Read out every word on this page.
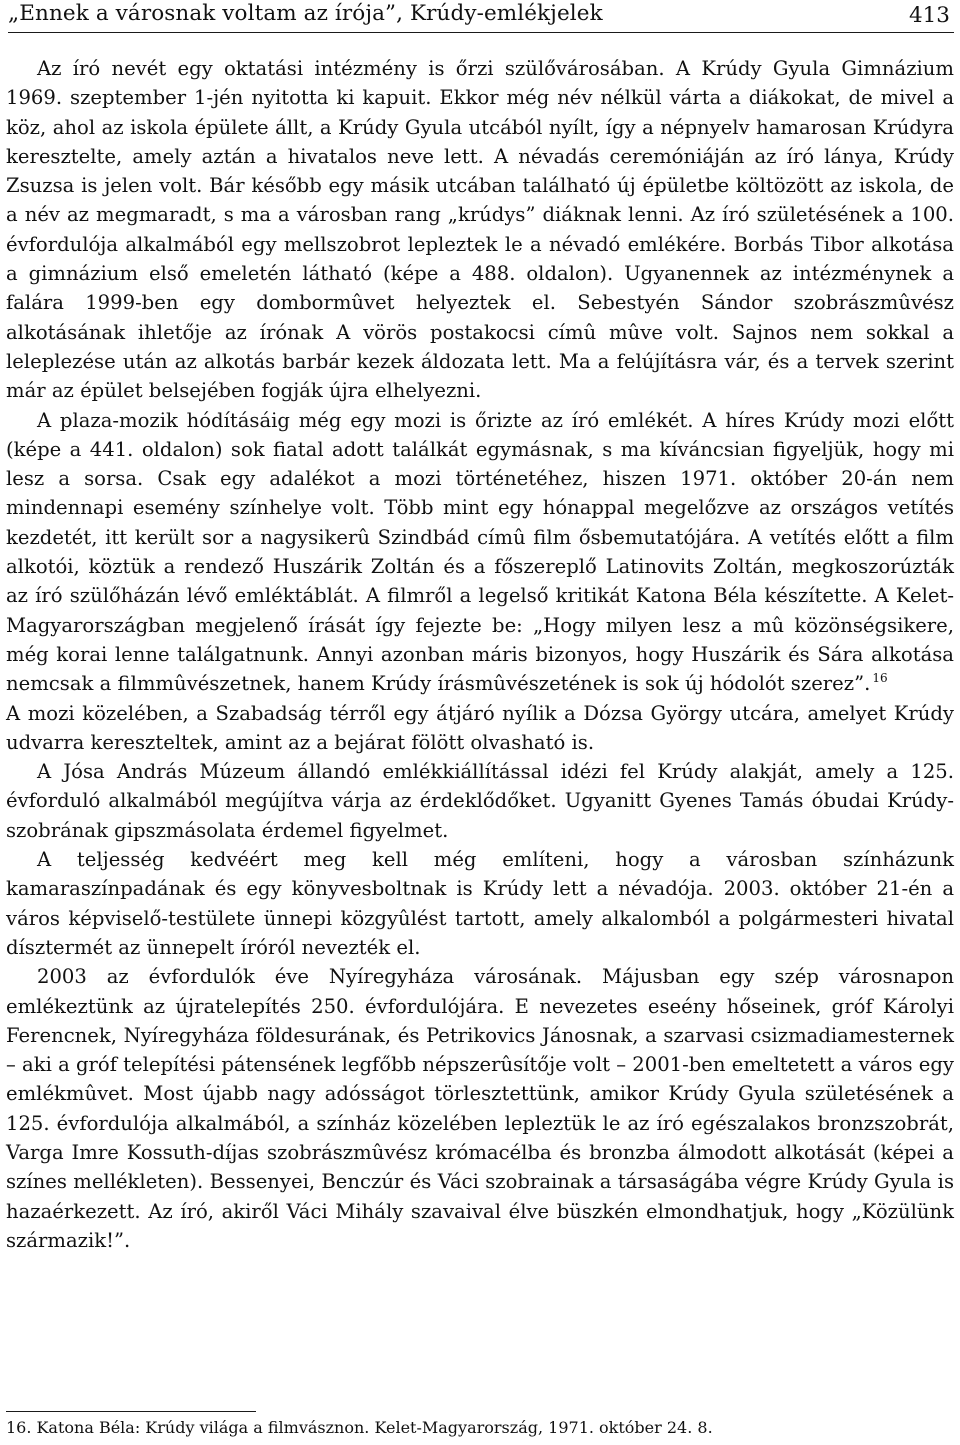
„Ennek a városnak voltam az írója”, Krúdy-emlékjelek	413

Az író nevét egy oktatási intézmény is őrzi szülővárosában. A Krúdy Gyula Gimnázium 1969. szeptember 1-jén nyitotta ki kapuit. Ekkor még név nélkül várta a diákokat, de mivel a köz, ahol az iskola épülete állt, a Krúdy Gyula utcából nyílt, így a népnyelv hamarosan Krúdyra keresztelte, amely aztán a hivatalos neve lett. A névadás ceremóniáján az író lánya, Krúdy Zsuzsa is jelen volt. Bár később egy másik utcában található új épületbe költözött az iskola, de a név az megmaradt, s ma a városban rang „krúdys” diáknak lenni. Az író születésének a 100. évfordulója alkalmából egy mellszobrot lepleztek le a névadó emlékére. Borbás Tibor alkotása a gimnázium első emeletén látható (képe a 488. oldalon). Ugyanennek az intézménynek a falára 1999-ben egy dombormûvet helyeztek el. Sebestyén Sándor szobrászmûvész alkotásának ihletője az írónak A vörös postakocsi címû mûve volt. Sajnos nem sokkal a leleplezése után az alkotás barbár kezek áldozata lett. Ma a felújításra vár, és a tervek szerint már az épület belsejében fogják újra elhelyezni.

A plaza-mozik hódításáig még egy mozi is őrizte az író emlékét. A híres Krúdy mozi előtt (képe a 441. oldalon) sok fiatal adott találkát egymásnak, s ma kíváncsian figyeljük, hogy mi lesz a sorsa. Csak egy adalékot a mozi történetéhez, hiszen 1971. október 20-án nem mindennapi esemény színhelye volt. Több mint egy hónappal megelőzve az országos vetítés kezdetét, itt került sor a nagysikerû Szindbád címû film ősbemutatójára. A vetítés előtt a film alkotói, köztük a rendező Huszárik Zoltán és a főszereplő Latinovits Zoltán, megkoszorúzták az író szülőházán lévő emléktáblát. A filmről a legelső kritikát Katona Béla készítette. A Kelet-Magyarországban megjelenő írását így fejezte be: „Hogy milyen lesz a mû közönségsikere, még korai lenne találgatnunk. Annyi azonban máris bizonyos, hogy Huszárik és Sára alkotása nemcsak a filmmûvészetnek, hanem Krúdy írásmûvészetének is sok új hódolót szerez”. $^{16}$

A mozi közelében, a Szabadság térről egy átjáró nyílik a Dózsa György utcára, amelyet Krúdy udvarra kereszteltek, amint az a bejárat fölött olvasható is.

A Jósa András Múzeum állandó emlékkiállítással idézi fel Krúdy alakját, amely a 125. évforduló alkalmából megújítva várja az érdeklődőket. Ugyanitt Gyenes Tamás óbudai Krúdy-szobrának gipszmásolata érdemel figyelmet.

A teljesség kedvéért meg kell még említeni, hogy a városban színházunk kamaraszínpadának és egy könyvesboltnak is Krúdy lett a névadója. 2003. október 21-én a város képviselő-testülete ünnepi közgyûlést tartott, amely alkalomból a polgármesteri hivatal dísztermét az ünnepelt íróról nevezték el.

2003 az évfordulók éve Nyíregyháza városának. Májusban egy szép városnapon emlékeztünk az újratelepítés 250. évfordulójára. E nevezetes eseény hőseinek, gróf Károlyi Ferencnek, Nyíregyháza földesurának, és Petrikovics Jánosnak, a szarvasi csizmadiamesternek – aki a gróf telepítési pátensének legfőbb népszerûsítője volt – 2001-ben emeltetett a város egy emlékmûvet. Most újabb nagy adósságot törlesztettünk, amikor Krúdy Gyula születésének a 125. évfordulója alkalmából, a színház közelében lepleztük le az író egészalakos bronzszobrát, Varga Imre Kossuth-díjas szobrászmûvész krómacélba és bronzba álmodott alkotását (képei a színes mellékleten). Bessenyei, Benczúr és Váci szobrainak a társaságába végre Krúdy Gyula is hazaérkezett. Az író, akiről Váci Mihály szavaival élve büszkén elmondhatjuk, hogy „Közülünk származik!”.

16. Katona Béla: Krúdy világa a filmvásznon. Kelet-Magyarország, 1971. október 24. 8.
